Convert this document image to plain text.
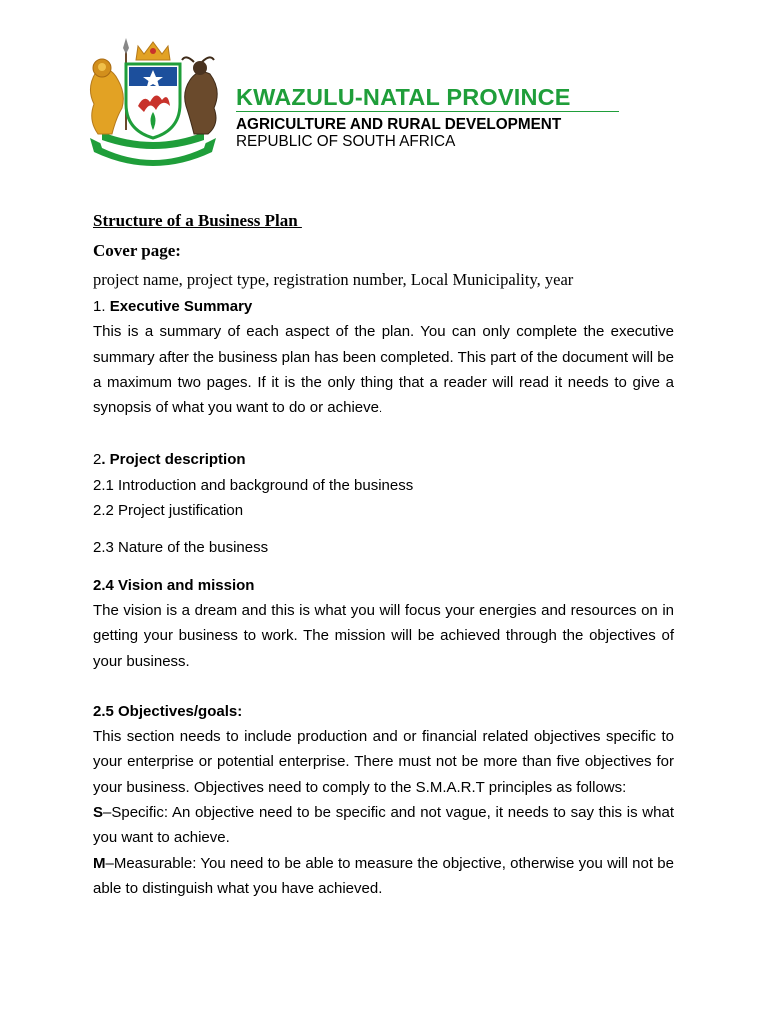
KWAZULU-NATAL PROVINCE
AGRICULTURE AND RURAL DEVELOPMENT
REPUBLIC OF SOUTH AFRICA
Structure of a Business Plan
Cover page:
project name, project type, registration number, Local Municipality, year
1. Executive Summary

This is a summary of each aspect of the plan. You can only complete the executive summary after the business plan has been completed. This part of the document will be a maximum two pages. If it is the only thing that a reader will read it needs to give a synopsis of what you want to do or achieve.

2. Project description
2.1 Introduction and background of the business
2.2 Project justification
2.3 Nature of the business
2.4 Vision and mission

The vision is a dream and this is what you will focus your energies and resources on in getting your business to work. The mission will be achieved through the objectives of your business.

2.5 Objectives/goals:

This section needs to include production and or financial related objectives specific to your enterprise or potential enterprise. There must not be more than five objectives for your business. Objectives need to comply to the S.M.A.R.T principles as follows:

S–Specific: An objective need to be specific and not vague, it needs to say this is what you want to achieve.

M–Measurable: You need to be able to measure the objective, otherwise you will not be able to distinguish what you have achieved.
